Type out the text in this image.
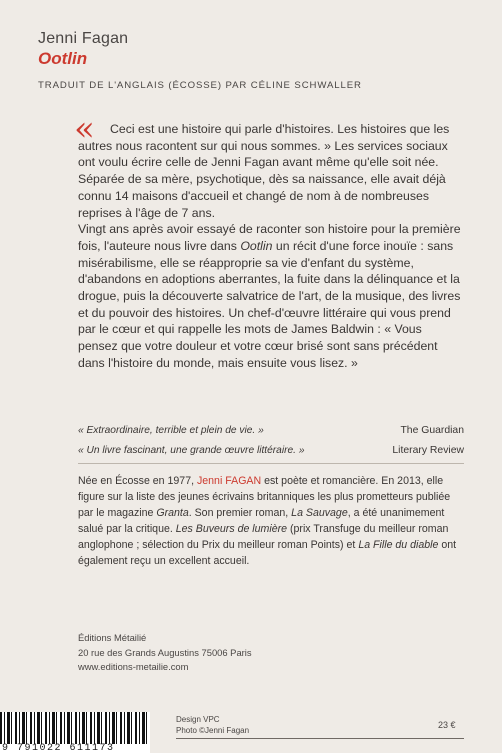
Jenni Fagan
Ootlin
TRADUIT DE L'ANGLAIS (ÉCOSSE) PAR CÉLINE SCHWALLER
«	Ceci est une histoire qui parle d'histoires. Les histoires que les autres nous racontent sur qui nous sommes. » Les services sociaux ont voulu écrire celle de Jenni Fagan avant même qu'elle soit née. Séparée de sa mère, psychotique, dès sa naissance, elle avait déjà connu 14 maisons d'accueil et changé de nom à de nombreuses reprises à l'âge de 7 ans.

Vingt ans après avoir essayé de raconter son histoire pour la première fois, l'auteure nous livre dans Ootlin un récit d'une force inouïe : sans misérabilisme, elle se réapproprie sa vie d'enfant du système, d'abandons en adoptions aberrantes, la fuite dans la délinquance et la drogue, puis la découverte salvatrice de l'art, de la musique, des livres et du pouvoir des histoires. Un chef-d'œuvre littéraire qui vous prend par le cœur et qui rappelle les mots de James Baldwin : « Vous pensez que votre douleur et votre cœur brisé sont sans précédent dans l'histoire du monde, mais ensuite vous lisez. »

« Extraordinaire, terrible et plein de vie. »	The Guardian
« Un livre fascinant, une grande œuvre littéraire. »	Literary Review
Née en Écosse en 1977, Jenni FAGAN est poète et romancière. En 2013, elle figure sur la liste des jeunes écrivains britanniques les plus prometteurs publiée par le magazine Granta. Son premier roman, La Sauvage, a été unanimement salué par la critique. Les Buveurs de lumière (prix Transfuge du meilleur roman anglophone ; sélection du Prix du meilleur roman Points) et La Fille du diable ont également reçu un excellent accueil.
Éditions Métailié
20 rue des Grands Augustins 75006 Paris
www.editions-metailie.com
9 791022 611173
Design VPC
Photo ©Jenni Fagan
23 €
